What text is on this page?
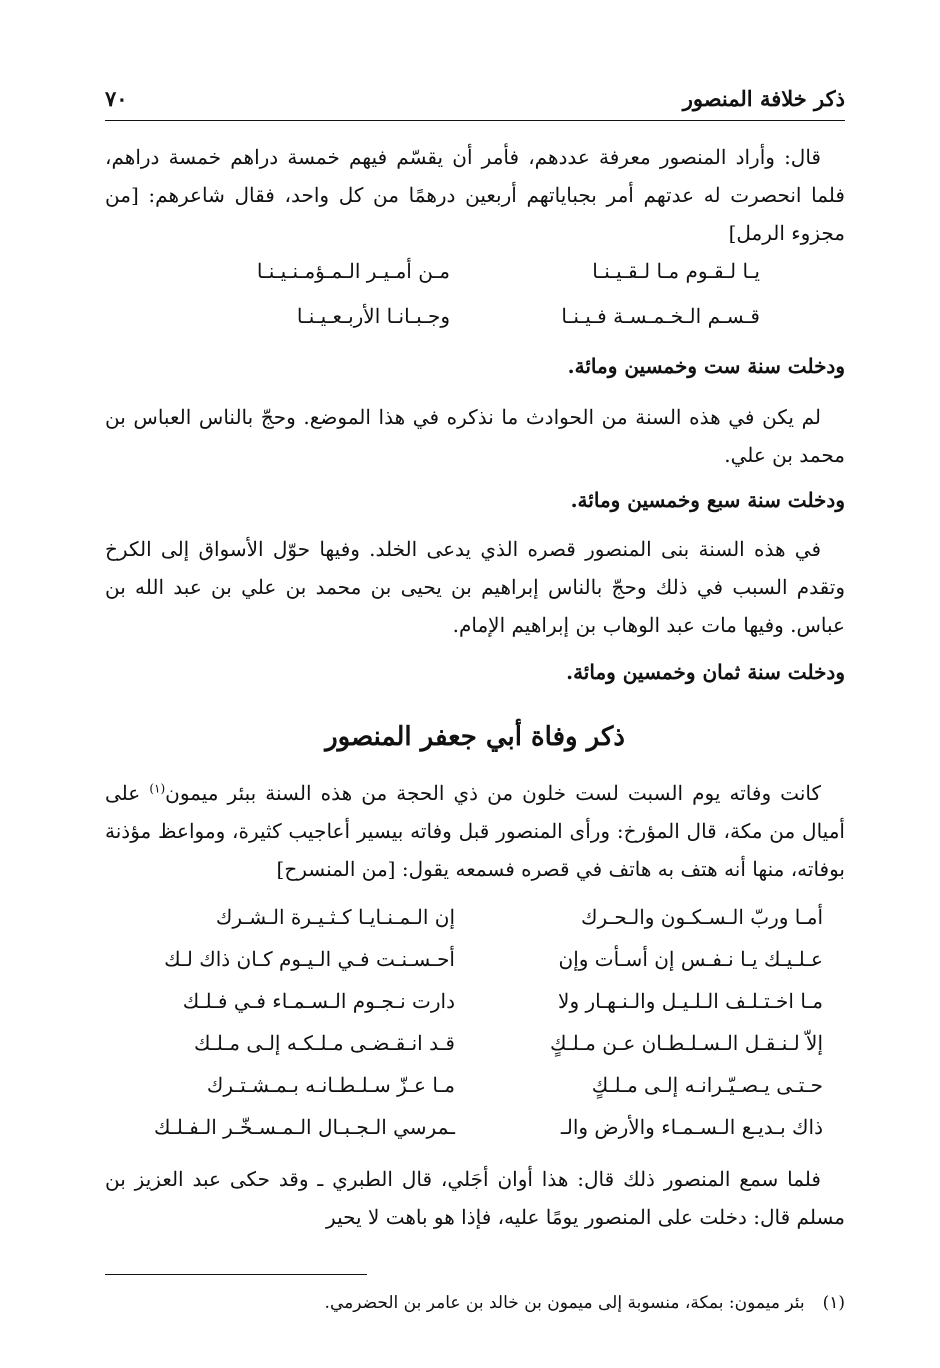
ذكر خلافة المنصور
٧٠

قال: وأراد المنصور معرفة عددهم، فأمر أن يقسّم فيهم خمسة دراهم خمسة دراهم، فلما انحصرت له عدتهم أمر بجباياتهم أربعين درهمًا من كل واحد، فقال شاعرهم: [من مجزوء الرمل]

يـا لـقـوم مـا لـقـيـنـا
مـن أمـيـر الـمـؤمـنـيـنـا
قـسـم الـخـمـسـة فـيـنـا
وجـبـانـا الأربـعـيـنـا
ودخلت سنة ست وخمسين ومائة.

لم يكن في هذه السنة من الحوادث ما نذكره في هذا الموضع. وحجّ بالناس العباس بن محمد بن علي.

ودخلت سنة سبع وخمسين ومائة.

في هذه السنة بنى المنصور قصره الذي يدعى الخلد. وفيها حوّل الأسواق إلى الكرخ وتقدم السبب في ذلك وحجّ بالناس إبراهيم بن يحيى بن محمد بن علي بن عبد الله بن عباس. وفيها مات عبد الوهاب بن إبراهيم الإمام.

ودخلت سنة ثمان وخمسين ومائة.
ذكر وفاة أبي جعفر المنصور

كانت وفاته يوم السبت لست خلون من ذي الحجة من هذه السنة ببئر ميمون$^{(١)}$ على أميال من مكة، قال المؤرخ: ورأى المنصور قبل وفاته بيسير أعاجيب كثيرة، ومواعظ مؤذنة بوفاته، منها أنه هتف به هاتف في قصره فسمعه يقول: [من المنسرح]

أمـا وربّ الـسـكـون والـحـرك
إن الـمـنـايـا كـثـيـرة الـشـرك
عـلـيـك يـا نـفـس إن أسـأت وإن
أحـسـنـت فـي الـيـوم كـان ذاك لـك
مـا اخـتـلـف الـلـيـل والـنـهـار ولا
دارت نـجـوم الـسـمـاء فـي فـلـك
إلاّ لـنـقـل الـسـلـطـان عـن مـلـكٍ
قـد انـقـضـى مـلـكـه إلـى مـلـك
حـتـى يـصـيّـرانـه إلـى مـلـكٍ
مـا عـزّ سـلـطـانـه بـمـشـتـرك
ذاك بـديـع الـسـمـاء والأرض والـ
ـمرسي الـجـبـال الـمـسـخّـر الـفـلـك

فلما سمع المنصور ذلك قال: هذا أوان أجَلي، قال الطبري ـ وقد حكى عبد العزيز بن مسلم قال: دخلت على المنصور يومًا عليه، فإذا هو باهت لا يحير

(١)بئر ميمون: بمكة، منسوبة إلى ميمون بن خالد بن عامر بن الحضرمي.
